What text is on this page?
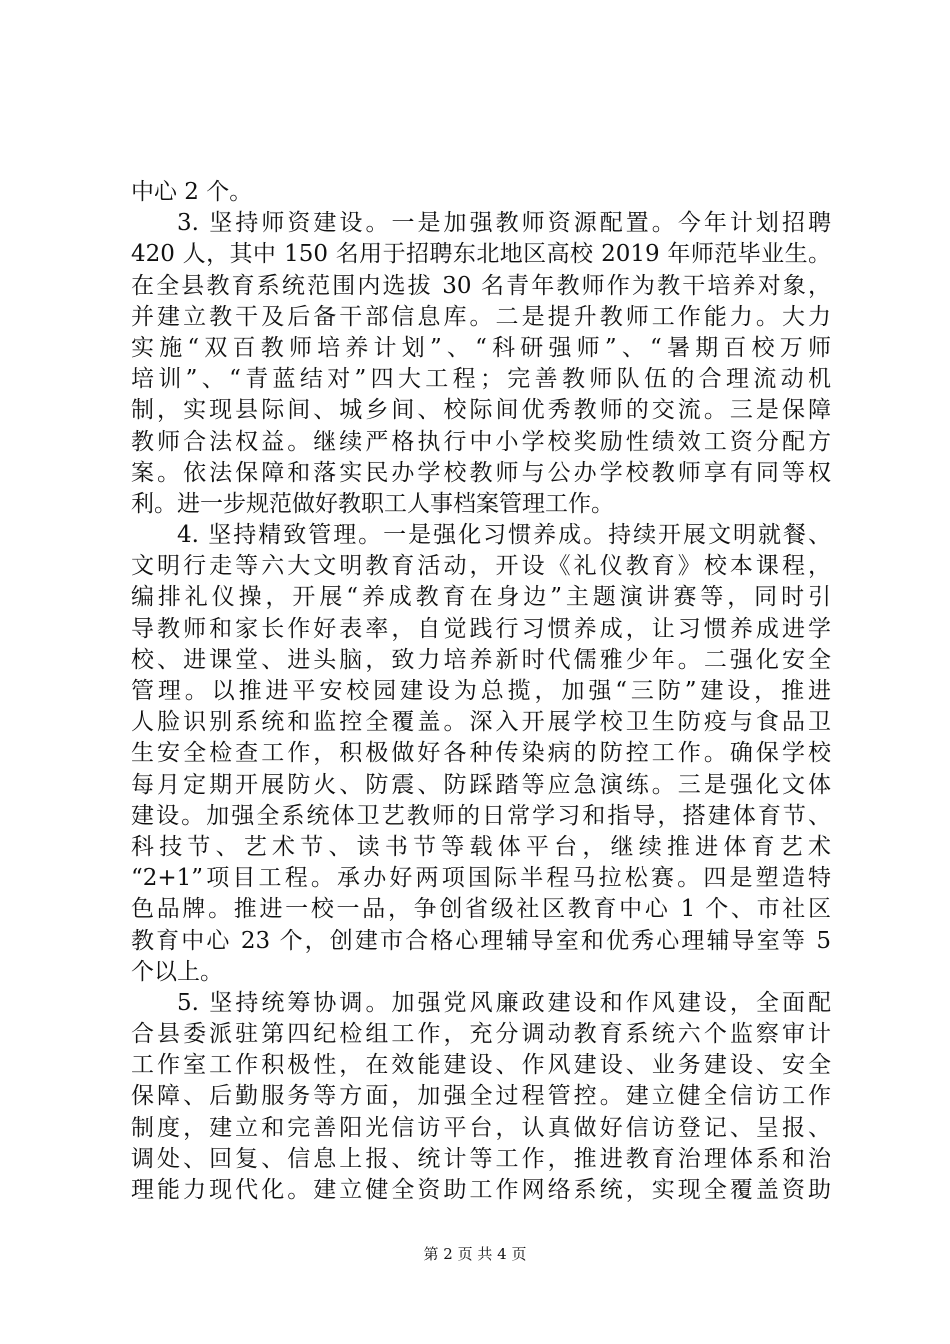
中心 2 个。
3. 坚持师资建设。一是加强教师资源配置。今年计划招聘
420 人，其中 150 名用于招聘东北地区高校 2019 年师范毕业生。
在全县教育系统范围内选拔 30 名青年教师作为教干培养对象，
并建立教干及后备干部信息库。二是提升教师工作能力。大力
实施“双百教师培养计划”、“科研强师”、“暑期百校万师
培训”、“青蓝结对”四大工程；完善教师队伍的合理流动机
制，实现县际间、城乡间、校际间优秀教师的交流。三是保障
教师合法权益。继续严格执行中小学校奖励性绩效工资分配方
案。依法保障和落实民办学校教师与公办学校教师享有同等权
利。进一步规范做好教职工人事档案管理工作。
4. 坚持精致管理。一是强化习惯养成。持续开展文明就餐、
文明行走等六大文明教育活动，开设《礼仪教育》校本课程，
编排礼仪操，开展“养成教育在身边”主题演讲赛等，同时引
导教师和家长作好表率，自觉践行习惯养成，让习惯养成进学
校、进课堂、进头脑，致力培养新时代儒雅少年。二强化安全
管理。以推进平安校园建设为总揽，加强“三防”建设，推进
人脸识别系统和监控全覆盖。深入开展学校卫生防疫与食品卫
生安全检查工作，积极做好各种传染病的防控工作。确保学校
每月定期开展防火、防震、防踩踏等应急演练。三是强化文体
建设。加强全系统体卫艺教师的日常学习和指导，搭建体育节、
科技节、艺术节、读书节等载体平台，继续推进体育艺术
“2+1”项目工程。承办好两项国际半程马拉松赛。四是塑造特
色品牌。推进一校一品，争创省级社区教育中心 1 个、市社区
教育中心 23 个，创建市合格心理辅导室和优秀心理辅导室等 5
个以上。
5. 坚持统筹协调。加强党风廉政建设和作风建设，全面配
合县委派驻第四纪检组工作，充分调动教育系统六个监察审计
工作室工作积极性，在效能建设、作风建设、业务建设、安全
保障、后勤服务等方面，加强全过程管控。建立健全信访工作
制度，建立和完善阳光信访平台，认真做好信访登记、呈报、
调处、回复、信息上报、统计等工作，推进教育治理体系和治
理能力现代化。建立健全资助工作网络系统，实现全覆盖资助
第 2 页 共 4 页
